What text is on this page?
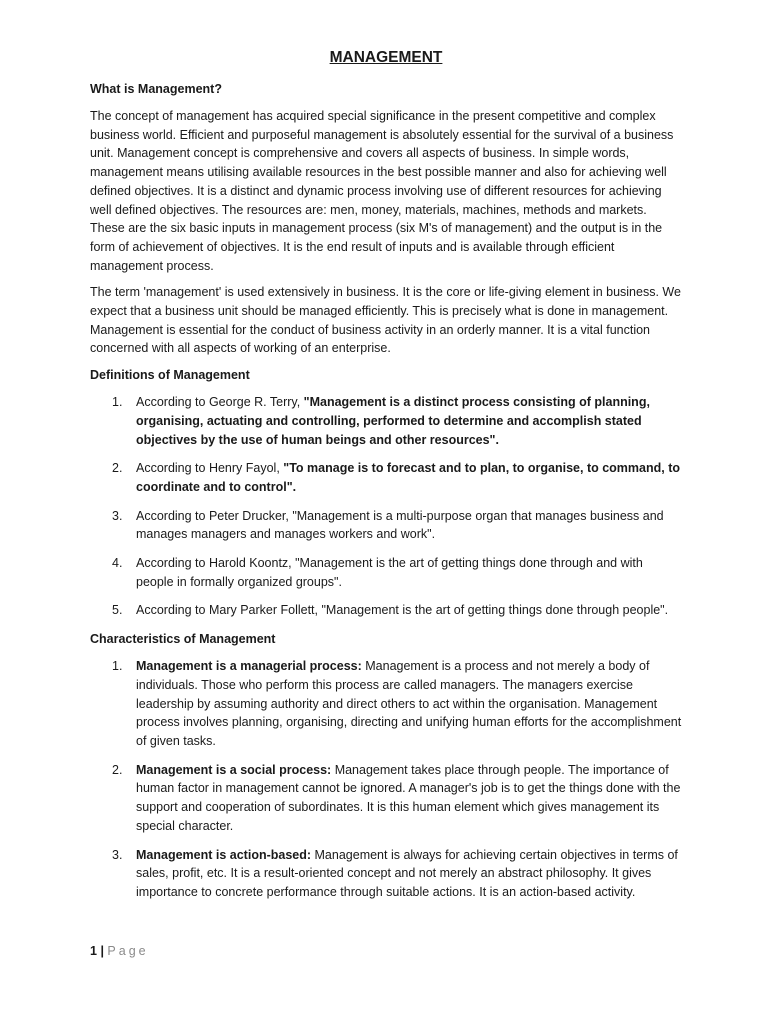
MANAGEMENT
What is Management?

The concept of management has acquired special significance in the present competitive and complex business world. Efficient and purposeful management is absolutely essential for the survival of a business unit. Management concept is comprehensive and covers all aspects of business. In simple words, management means utilising available resources in the best possible manner and also for achieving well defined objectives. It is a distinct and dynamic process involving use of different resources for achieving well defined objectives. The resources are: men, money, materials, machines, methods and markets. These are the six basic inputs in management process (six M's of management) and the output is in the form of achievement of objectives. It is the end result of inputs and is available through efficient management process.

The term 'management' is used extensively in business. It is the core or life-giving element in business. We expect that a business unit should be managed efficiently. This is precisely what is done in management. Management is essential for the conduct of business activity in an orderly manner. It is a vital function concerned with all aspects of working of an enterprise.

Definitions of Management
1. According to George R. Terry, "Management is a distinct process consisting of planning, organising, actuating and controlling, performed to determine and accomplish stated objectives by the use of human beings and other resources".
2. According to Henry Fayol, "To manage is to forecast and to plan, to organise, to command, to coordinate and to control".
3. According to Peter Drucker, "Management is a multi-purpose organ that manages business and manages managers and manages workers and work".
4. According to Harold Koontz, "Management is the art of getting things done through and with people in formally organized groups".
5. According to Mary Parker Follett, "Management is the art of getting things done through people".
Characteristics of Management
1. Management is a managerial process: Management is a process and not merely a body of individuals. Those who perform this process are called managers. The managers exercise leadership by assuming authority and direct others to act within the organisation. Management process involves planning, organising, directing and unifying human efforts for the accomplishment of given tasks.
2. Management is a social process: Management takes place through people. The importance of human factor in management cannot be ignored. A manager's job is to get the things done with the support and cooperation of subordinates. It is this human element which gives management its special character.
3. Management is action-based: Management is always for achieving certain objectives in terms of sales, profit, etc. It is a result-oriented concept and not merely an abstract philosophy. It gives importance to concrete performance through suitable actions. It is an action-based activity.
1 | Page
